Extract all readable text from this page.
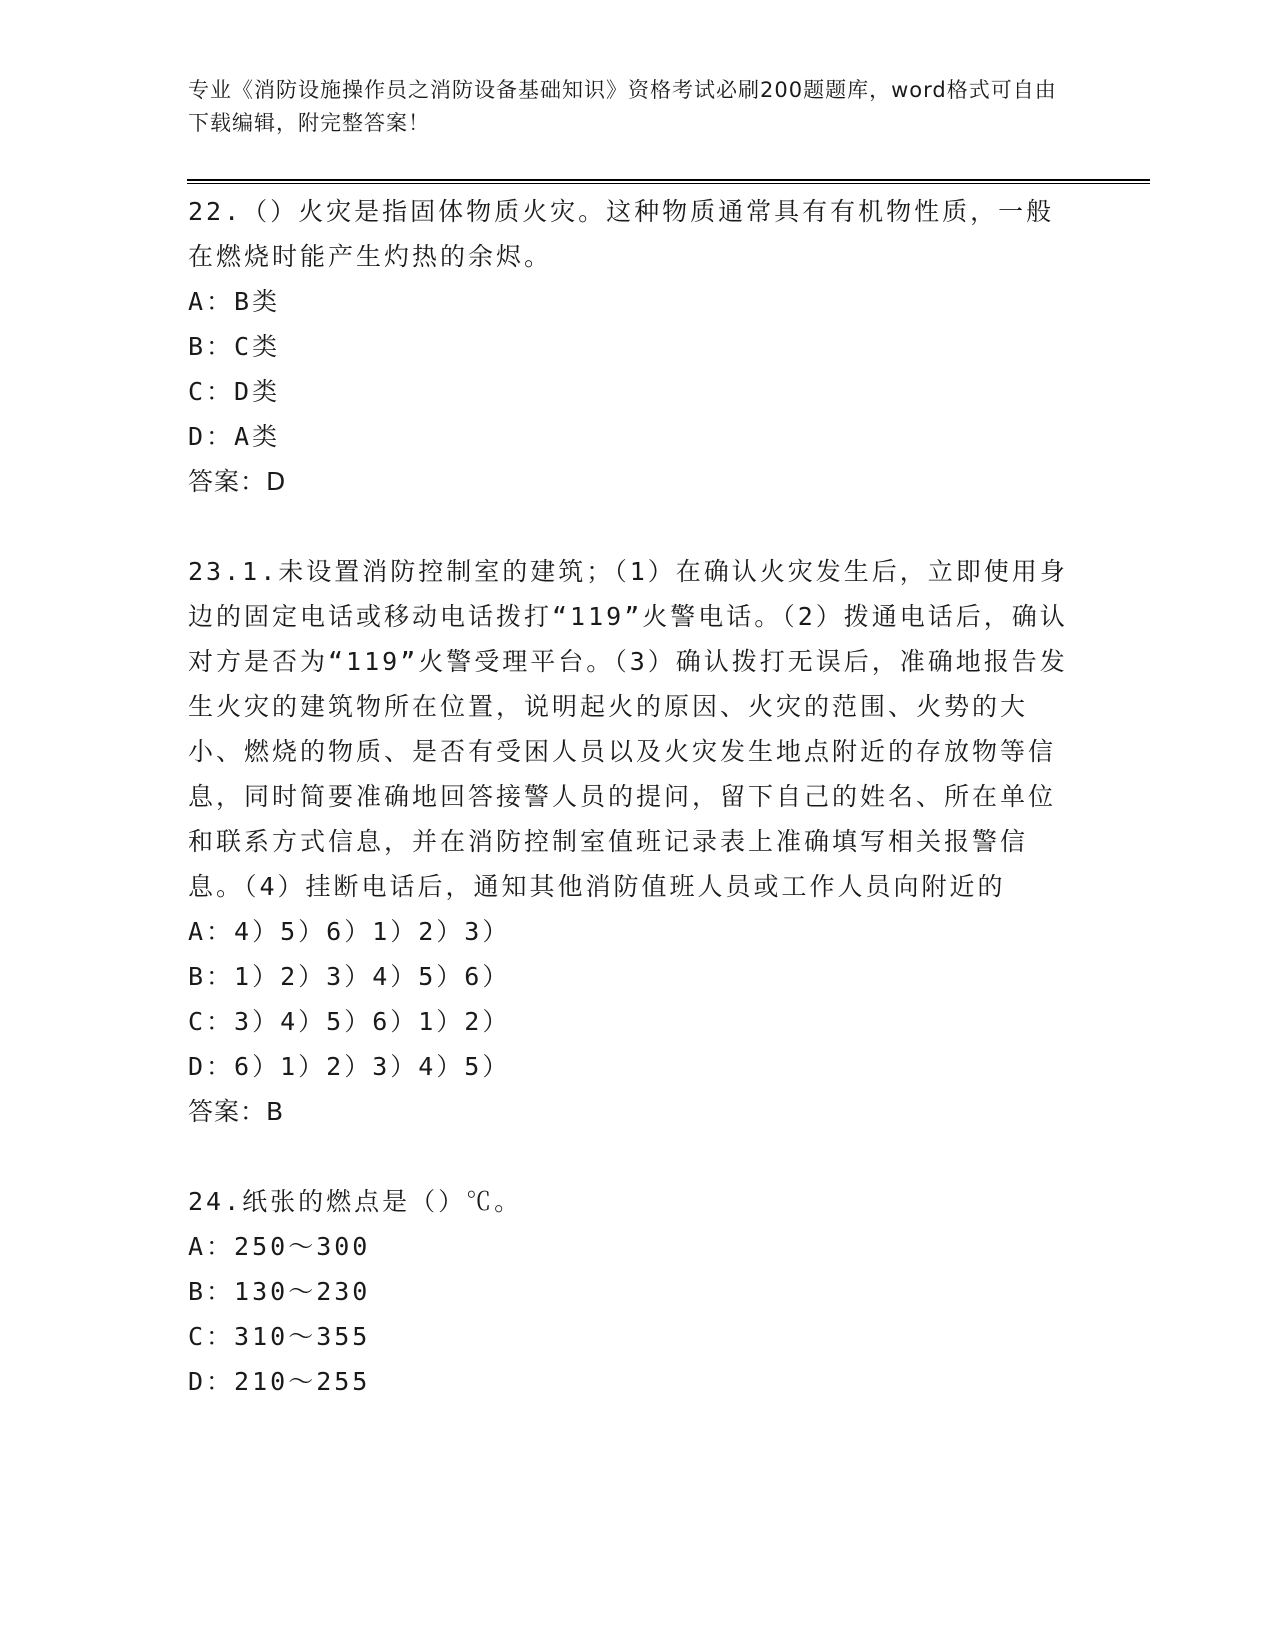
专业《消防设施操作员之消防设备基础知识》资格考试必刷200题题库，word格式可自由下载编辑，附完整答案！

22.（）火灾是指固体物质火灾。这种物质通常具有有机物性质，一般在燃烧时能产生灼热的余烬。

A：B类

B：C类

C：D类

D：A类

答案：D

23.1.未设置消防控制室的建筑；（1）在确认火灾发生后，立即使用身边的固定电话或移动电话拨打“119”火警电话。（2）拨通电话后，确认对方是否为“119”火警受理平台。（3）确认拨打无误后，准确地报告发生火灾的建筑物所在位置，说明起火的原因、火灾的范围、火势的大小、燃烧的物质、是否有受困人员以及火灾发生地点附近的存放物等信息，同时简要准确地回答接警人员的提问，留下自己的姓名、所在单位和联系方式信息，并在消防控制室值班记录表上准确填写相关报警信息。（4）挂断电话后，通知其他消防值班人员或工作人员向附近的

A：4）5）6）1）2）3）

B：1）2）3）4）5）6）

C：3）4）5）6）1）2）

D：6）1）2）3）4）5）

答案：B

24.纸张的燃点是（）℃。

A：250～300

B：130～230

C：310～355

D：210～255
